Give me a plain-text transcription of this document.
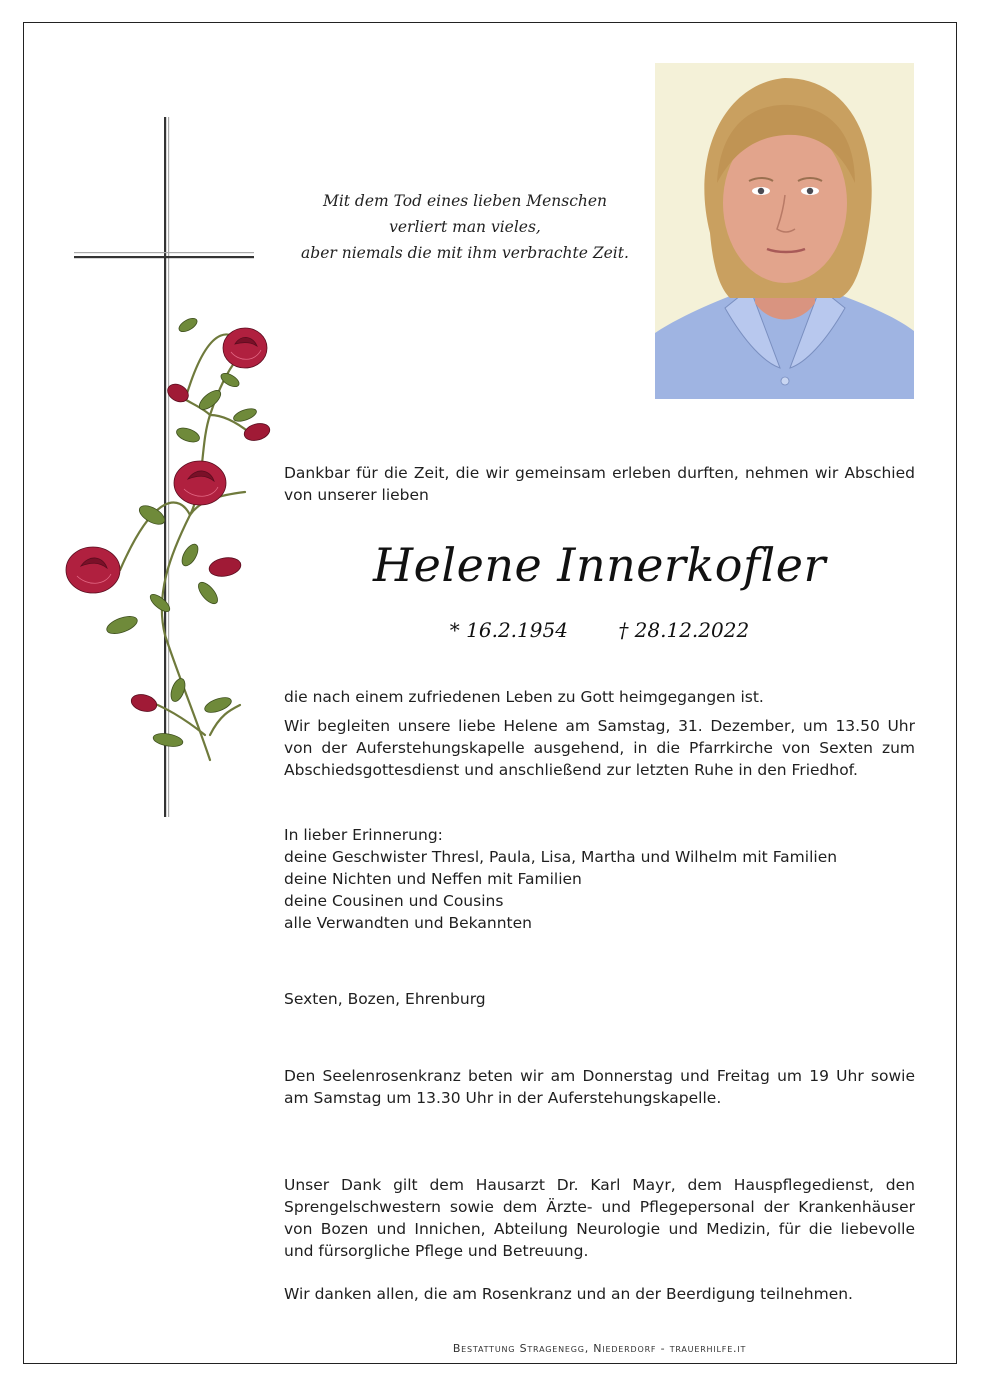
Mit dem Tod eines lieben Menschen
verliert man vieles,
aber niemals die mit ihm verbrachte Zeit.
Dankbar für die Zeit, die wir gemeinsam erleben durften, nehmen wir Abschied von unserer lieben
Helene Innerkofler
* 16.2.1954	† 28.12.2022
die nach einem zufriedenen Leben zu Gott heimgegangen ist.
Wir begleiten unsere liebe Helene am Samstag, 31. Dezember, um 13.50 Uhr von der Auferstehungskapelle ausgehend, in die Pfarrkirche von Sexten zum Abschiedsgottesdienst und anschließend zur letzten Ruhe in den Friedhof.
In lieber Erinnerung:
deine Geschwister Thresl, Paula, Lisa, Martha und Wilhelm mit Familien
deine Nichten und Neffen mit Familien
deine Cousinen und Cousins
alle Verwandten und Bekannten
Sexten, Bozen, Ehrenburg
Den Seelenrosenkranz beten wir am Donnerstag und Freitag um 19 Uhr sowie am Samstag um 13.30 Uhr in der Auferstehungskapelle.
Unser Dank gilt dem Hausarzt Dr. Karl Mayr, dem Hauspflegedienst, den Sprengelschwestern sowie dem Ärzte- und Pflegepersonal der Krankenhäuser von Bozen und Innichen, Abteilung Neurologie und Medizin, für die liebevolle und fürsorgliche Pflege und Betreuung.
Wir danken allen, die am Rosenkranz und an der Beerdigung teilnehmen.
Bestattung Stragenegg, Niederdorf - trauerhilfe.it
